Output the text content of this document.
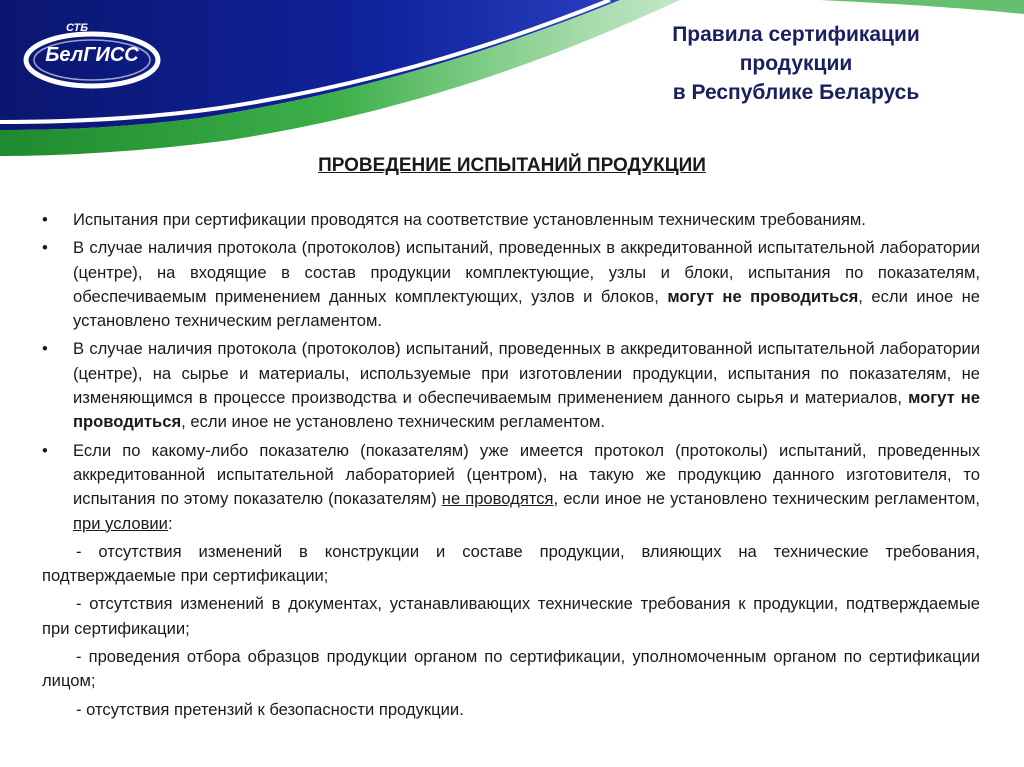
СТБ
БелГИСС
Правила сертификации
продукции
в Республике Беларусь
ПРОВЕДЕНИЕ ИСПЫТАНИЙ ПРОДУКЦИИ
• Испытания при сертификации проводятся на соответствие установленным техническим требованиям.
• В случае наличия протокола (протоколов) испытаний, проведенных в аккредитованной испытательной лаборатории (центре), на входящие в состав продукции комплектующие, узлы и блоки, испытания по показателям, обеспечиваемым применением данных комплектующих, узлов и блоков, могут не проводиться, если иное не установлено техническим регламентом.
• В случае наличия протокола (протоколов) испытаний, проведенных в аккредитованной испытательной лаборатории (центре), на сырье и материалы, используемые при изготовлении продукции, испытания по показателям, не изменяющимся в процессе производства и обеспечиваемым применением данного сырья и материалов, могут не проводиться, если иное не установлено техническим регламентом.
• Если по какому-либо показателю (показателям) уже имеется протокол (протоколы) испытаний, проведенных аккредитованной испытательной лабораторией (центром), на такую же продукцию данного изготовителя, то испытания по этому показателю (показателям) не проводятся, если иное не установлено техническим регламентом, при условии:
- отсутствия изменений в конструкции и составе продукции, влияющих на технические требования, подтверждаемые при сертификации;
- отсутствия изменений в документах, устанавливающих технические требования к продукции, подтверждаемые при сертификации;
- проведения отбора образцов продукции органом по сертификации, уполномоченным органом по сертификации лицом;
- отсутствия претензий к безопасности продукции.
